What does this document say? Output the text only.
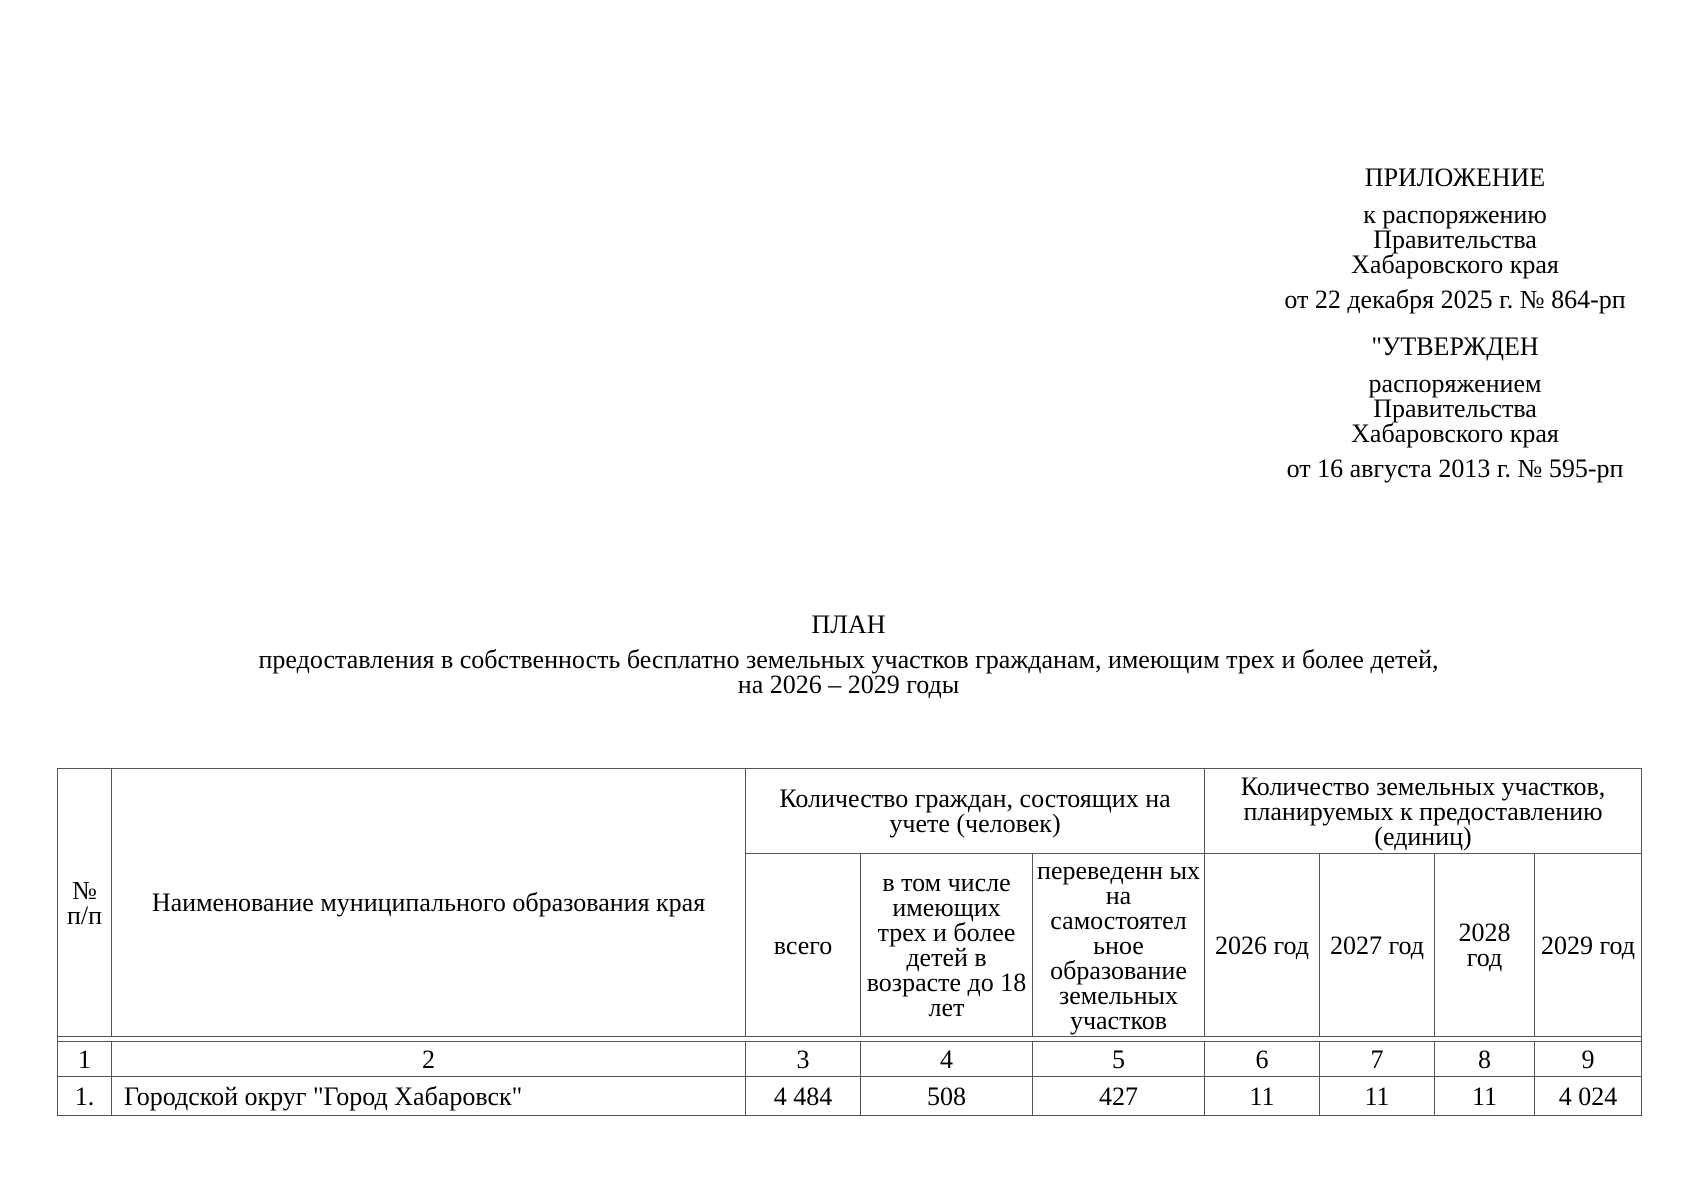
ПРИЛОЖЕНИЕ
к распоряжению
Правительства
Хабаровского края
от 22 декабря 2025 г. № 864-рп
"УТВЕРЖДЕН
распоряжением
Правительства
Хабаровского края
от 16 августа 2013 г. № 595-рп
ПЛАН
предоставления в собственность бесплатно земельных участков гражданам, имеющим трех и более детей,
на 2026 – 2029 годы
№ п/п	Наименование муниципального образования края	Количество граждан, состоящих на учете (человек)			Количество земельных участков, планируемых к предоставлению (единиц)			
		всего	в том числе имеющих трех и более детей в возрасте до 18 лет	переведенн ых на самостоятел ьное образование земельных участков	2026 год	2027 год	2028 год	2029 год

1	2	3	4	5	6	7	8	9
1.	Городской округ "Город Хабаровск"	4 484	508	427	11	11	11	4 024
